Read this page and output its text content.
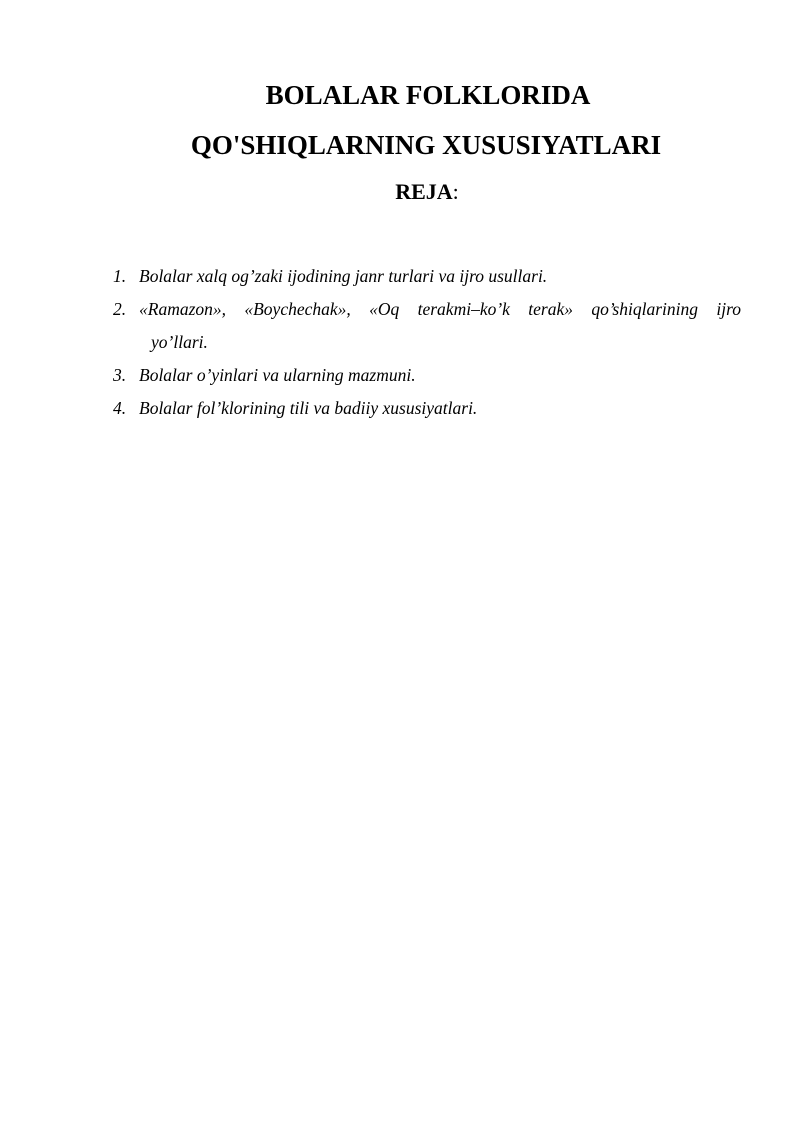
BOLALAR FOLKLORIDA
QO'SHIQLARNING XUSUSIYATLARI
REJA:
1. Bolalar xalq og’zaki ijodining janr turlari va ijro usullari.
2. «Ramazon», «Boychechak», «Oq terakmi–ko’k terak» qo’shiqlarining ijro
yo’llari.
3. Bolalar o’yinlari va ularning mazmuni.
4. Bolalar fol’klorining tili va badiiy xususiyatlari.
